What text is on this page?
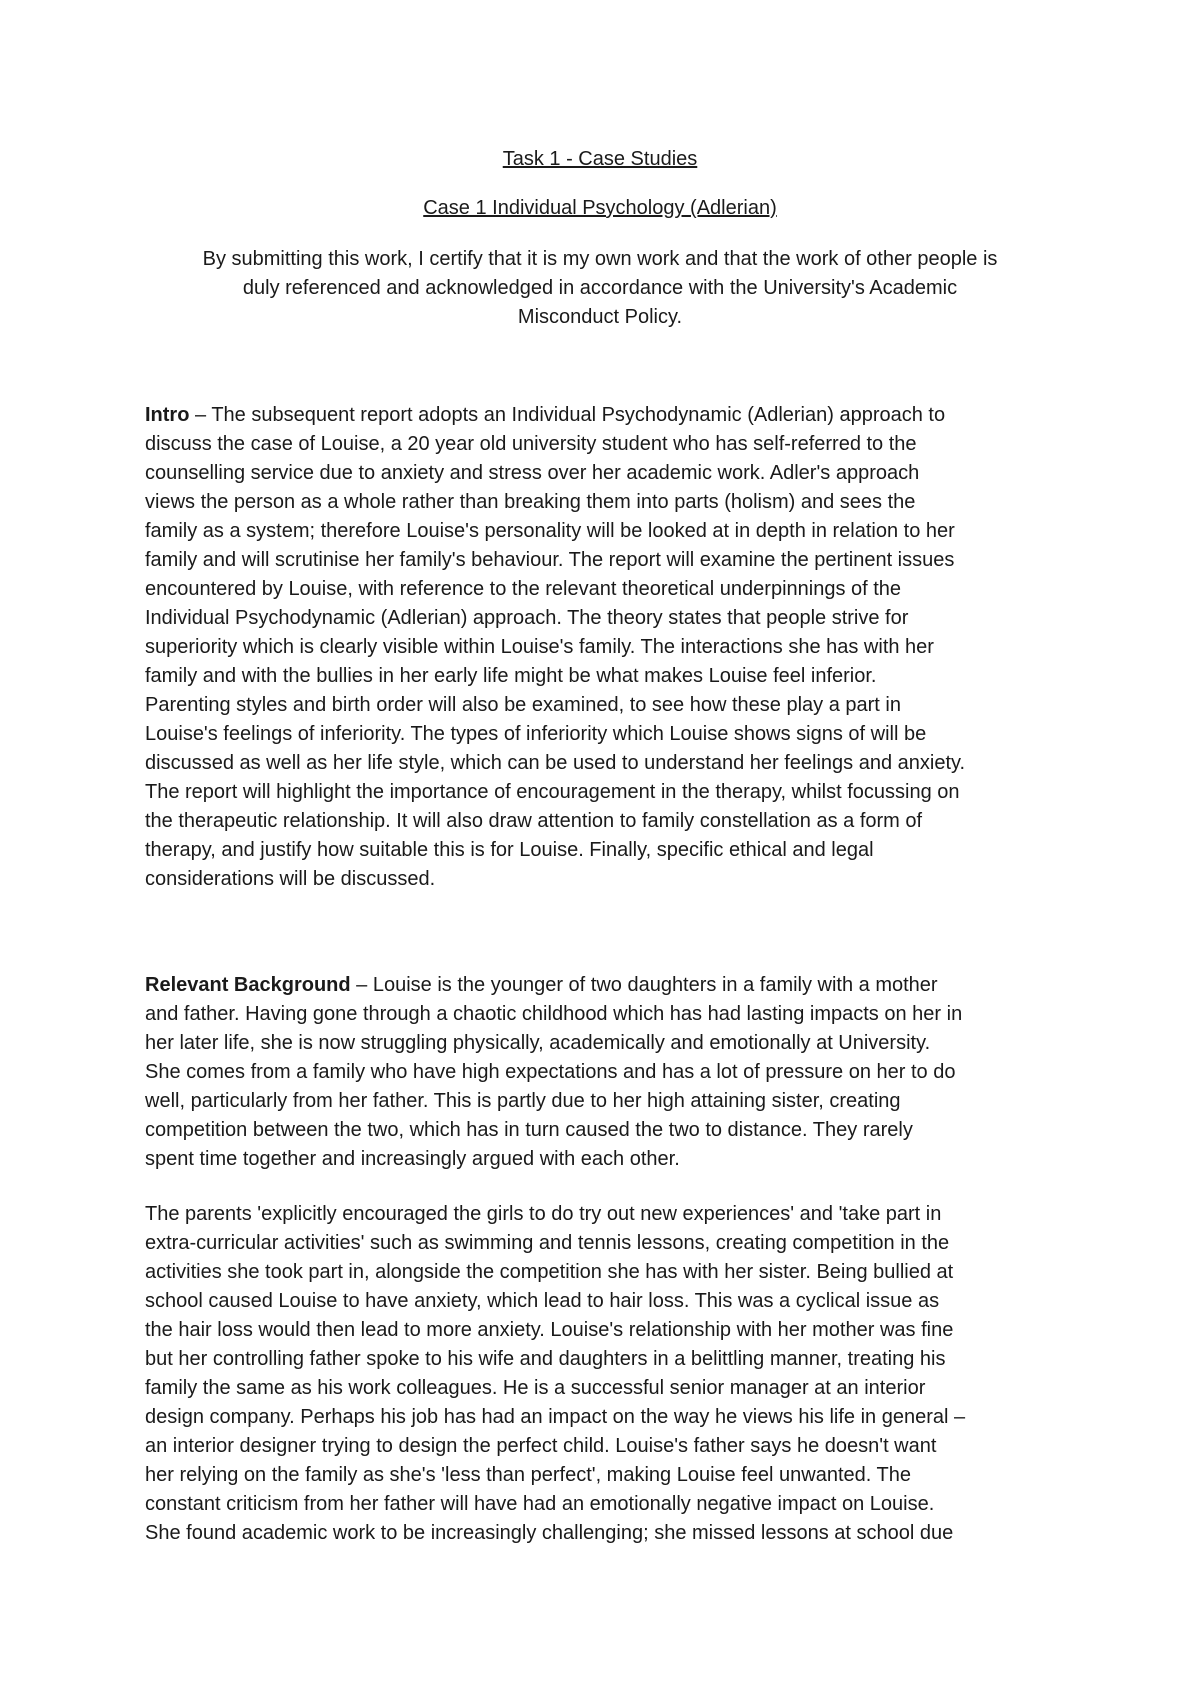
Task 1 - Case Studies
Case 1 Individual Psychology (Adlerian)
By submitting this work, I certify that it is my own work and that the work of other people is
duly referenced and acknowledged in accordance with the University's Academic
Misconduct Policy.
Intro – The subsequent report adopts an Individual Psychodynamic (Adlerian) approach to
discuss the case of Louise, a 20 year old university student who has self-referred to the
counselling service due to anxiety and stress over her academic work. Adler's approach
views the person as a whole rather than breaking them into parts (holism) and sees the
family as a system; therefore Louise's personality will be looked at in depth in relation to her
family and will scrutinise her family's behaviour. The report will examine the pertinent issues
encountered by Louise, with reference to the relevant theoretical underpinnings of the
Individual Psychodynamic (Adlerian) approach. The theory states that people strive for
superiority which is clearly visible within Louise's family. The interactions she has with her
family and with the bullies in her early life might be what makes Louise feel inferior.
Parenting styles and birth order will also be examined, to see how these play a part in
Louise's feelings of inferiority. The types of inferiority which Louise shows signs of will be
discussed as well as her life style, which can be used to understand her feelings and anxiety.
The report will highlight the importance of encouragement in the therapy, whilst focussing on
the therapeutic relationship. It will also draw attention to family constellation as a form of
therapy, and justify how suitable this is for Louise. Finally, specific ethical and legal
considerations will be discussed.
Relevant Background – Louise is the younger of two daughters in a family with a mother
and father. Having gone through a chaotic childhood which has had lasting impacts on her in
her later life, she is now struggling physically, academically and emotionally at University.
She comes from a family who have high expectations and has a lot of pressure on her to do
well, particularly from her father. This is partly due to her high attaining sister, creating
competition between the two, which has in turn caused the two to distance. They rarely
spent time together and increasingly argued with each other.
The parents 'explicitly encouraged the girls to do try out new experiences' and 'take part in
extra-curricular activities' such as swimming and tennis lessons, creating competition in the
activities she took part in, alongside the competition she has with her sister. Being bullied at
school caused Louise to have anxiety, which lead to hair loss. This was a cyclical issue as
the hair loss would then lead to more anxiety. Louise's relationship with her mother was fine
but her controlling father spoke to his wife and daughters in a belittling manner, treating his
family the same as his work colleagues. He is a successful senior manager at an interior
design company. Perhaps his job has had an impact on the way he views his life in general –
an interior designer trying to design the perfect child. Louise's father says he doesn't want
her relying on the family as she's 'less than perfect', making Louise feel unwanted. The
constant criticism from her father will have had an emotionally negative impact on Louise.
She found academic work to be increasingly challenging; she missed lessons at school due
